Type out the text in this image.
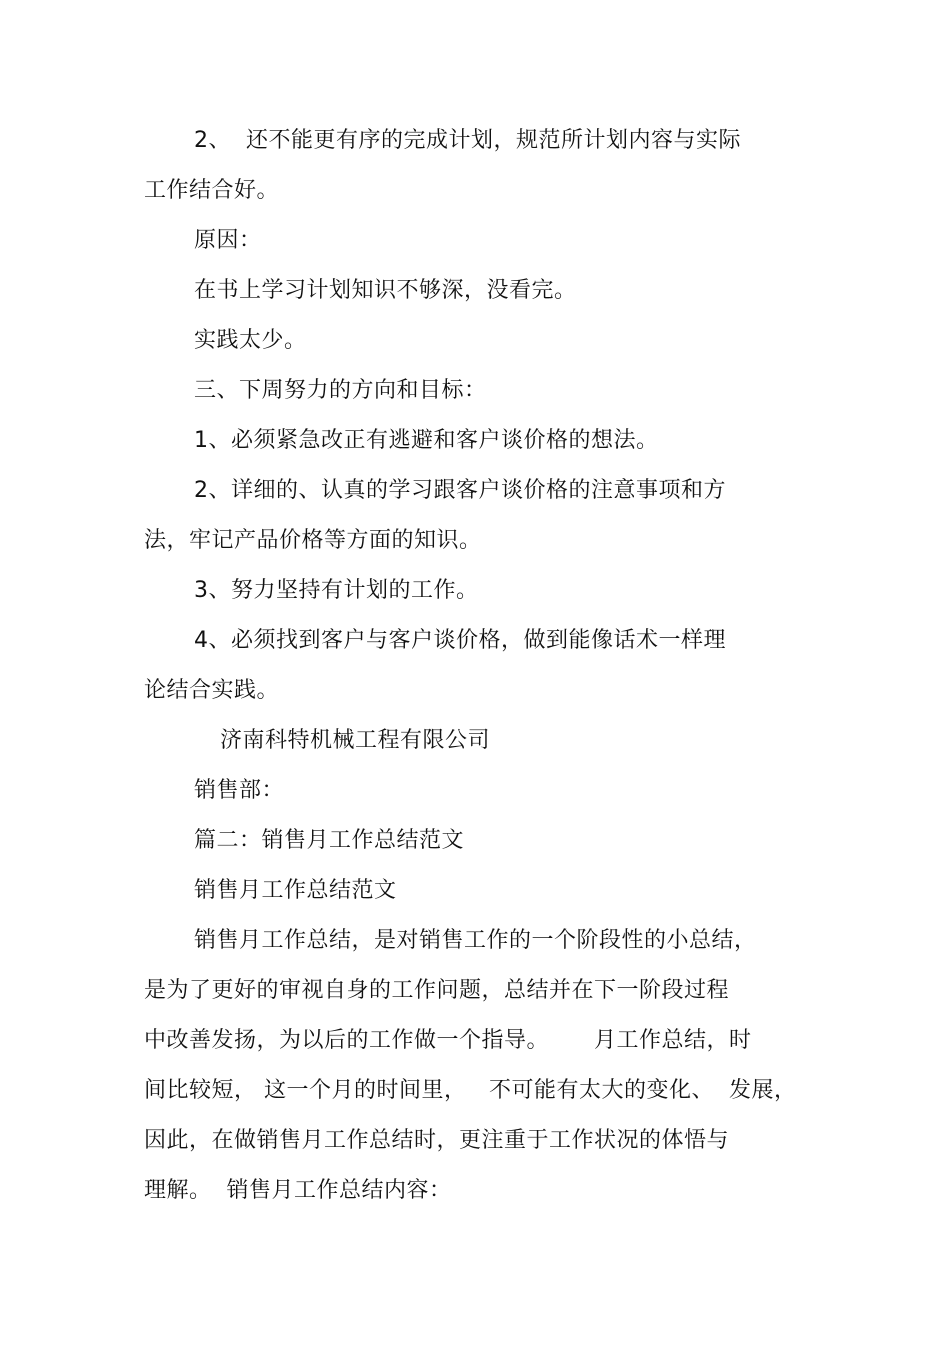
2、  还不能更有序的完成计划，规范所计划内容与实际
工作结合好。
原因：
在书上学习计划知识不够深，没看完。
实践太少。
三、下周努力的方向和目标：
1、必须紧急改正有逃避和客户谈价格的想法。
2、详细的、认真的学习跟客户谈价格的注意事项和方
法，牢记产品价格等方面的知识。
3、努力坚持有计划的工作。
4、必须找到客户与客户谈价格，做到能像话术一样理
论结合实践。
济南科特机械工程有限公司
销售部：
篇二：销售月工作总结范文
销售月工作总结范文
销售月工作总结，是对销售工作的一个阶段性的小总结，
是为了更好的审视自身的工作问题，总结并在下一阶段过程
中改善发扬，为以后的工作做一个指导。      月工作总结，时
间比较短， 这一个月的时间里，   不可能有太大的变化、  发展，
因此，在做销售月工作总结时，更注重于工作状况的体悟与
理解。  销售月工作总结内容：
